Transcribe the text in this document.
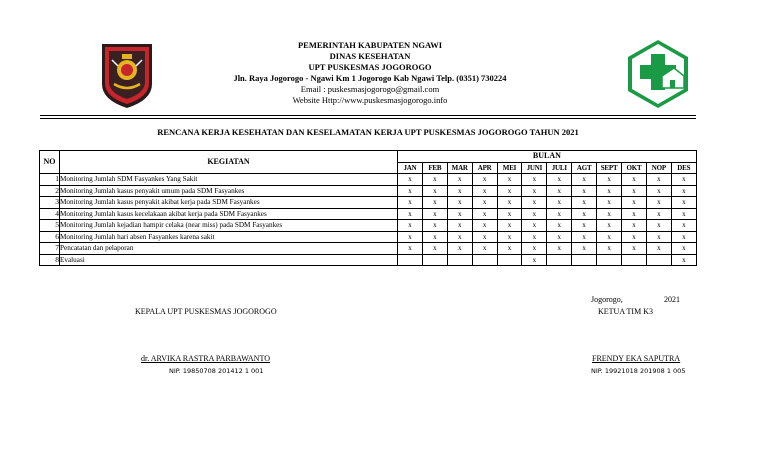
PEMERINTAH KABUPATEN NGAWI
DINAS KESEHATAN
UPT PUSKESMAS JOGOROGO
Jln. Raya Jogorogo - Ngawi Km 1 Jogorogo Kab Ngawi Telp. (0351) 730224
Email : puskesmasjogorogo@gmail.com
Website Http://www.puskesmasjogorogo.info
RENCANA KERJA KESEHATAN DAN KESELAMATAN KERJA UPT PUSKESMAS JOGOROGO TAHUN 2021
NO	KEGIATAN	BULAN											
		JAN	FEB	MAR	APR	MEI	JUNI	JULI	AGT	SEPT	OKT	NOP	DES
1	Monitoring Jumlah SDM Fasyankes Yang Sakit	x	x	x	x	x	x	x	x	x	x	x	x
2	Monitoring Jumlah kasus penyakit umum pada SDM Fasyankes	x	x	x	x	x	x	x	x	x	x	x	x
3	Monitoring Jumlah kasus penyakit akibat kerja pada SDM Fasyankes	x	x	x	x	x	x	x	x	x	x	x	x
4	Monitoring Jumlah kasus kecelakaan akibat kerja pada SDM Fasyankes	x	x	x	x	x	x	x	x	x	x	x	x
5	Monitoring Jumlah kejadian hampir celaka (near miss) pada SDM Fasyankes	x	x	x	x	x	x	x	x	x	x	x	x
6	Monitoring Jumlah hari absen Fasyankes karena sakit	x	x	x	x	x	x	x	x	x	x	x	x
7	Pencatatan dan pelaporan	x	x	x	x	x	x	x	x	x	x	x	x
8	Evaluasi						x						x
KEPALA UPT PUSKESMAS JOGOROGO
dr. ARVIKA RASTRA PARBAWANTO
NIP. 19850708 201412 1 001
Jogorogo,	2021
KETUA TIM K3
FRENDY EKA SAPUTRA
NIP. 19921018 201908 1 005
